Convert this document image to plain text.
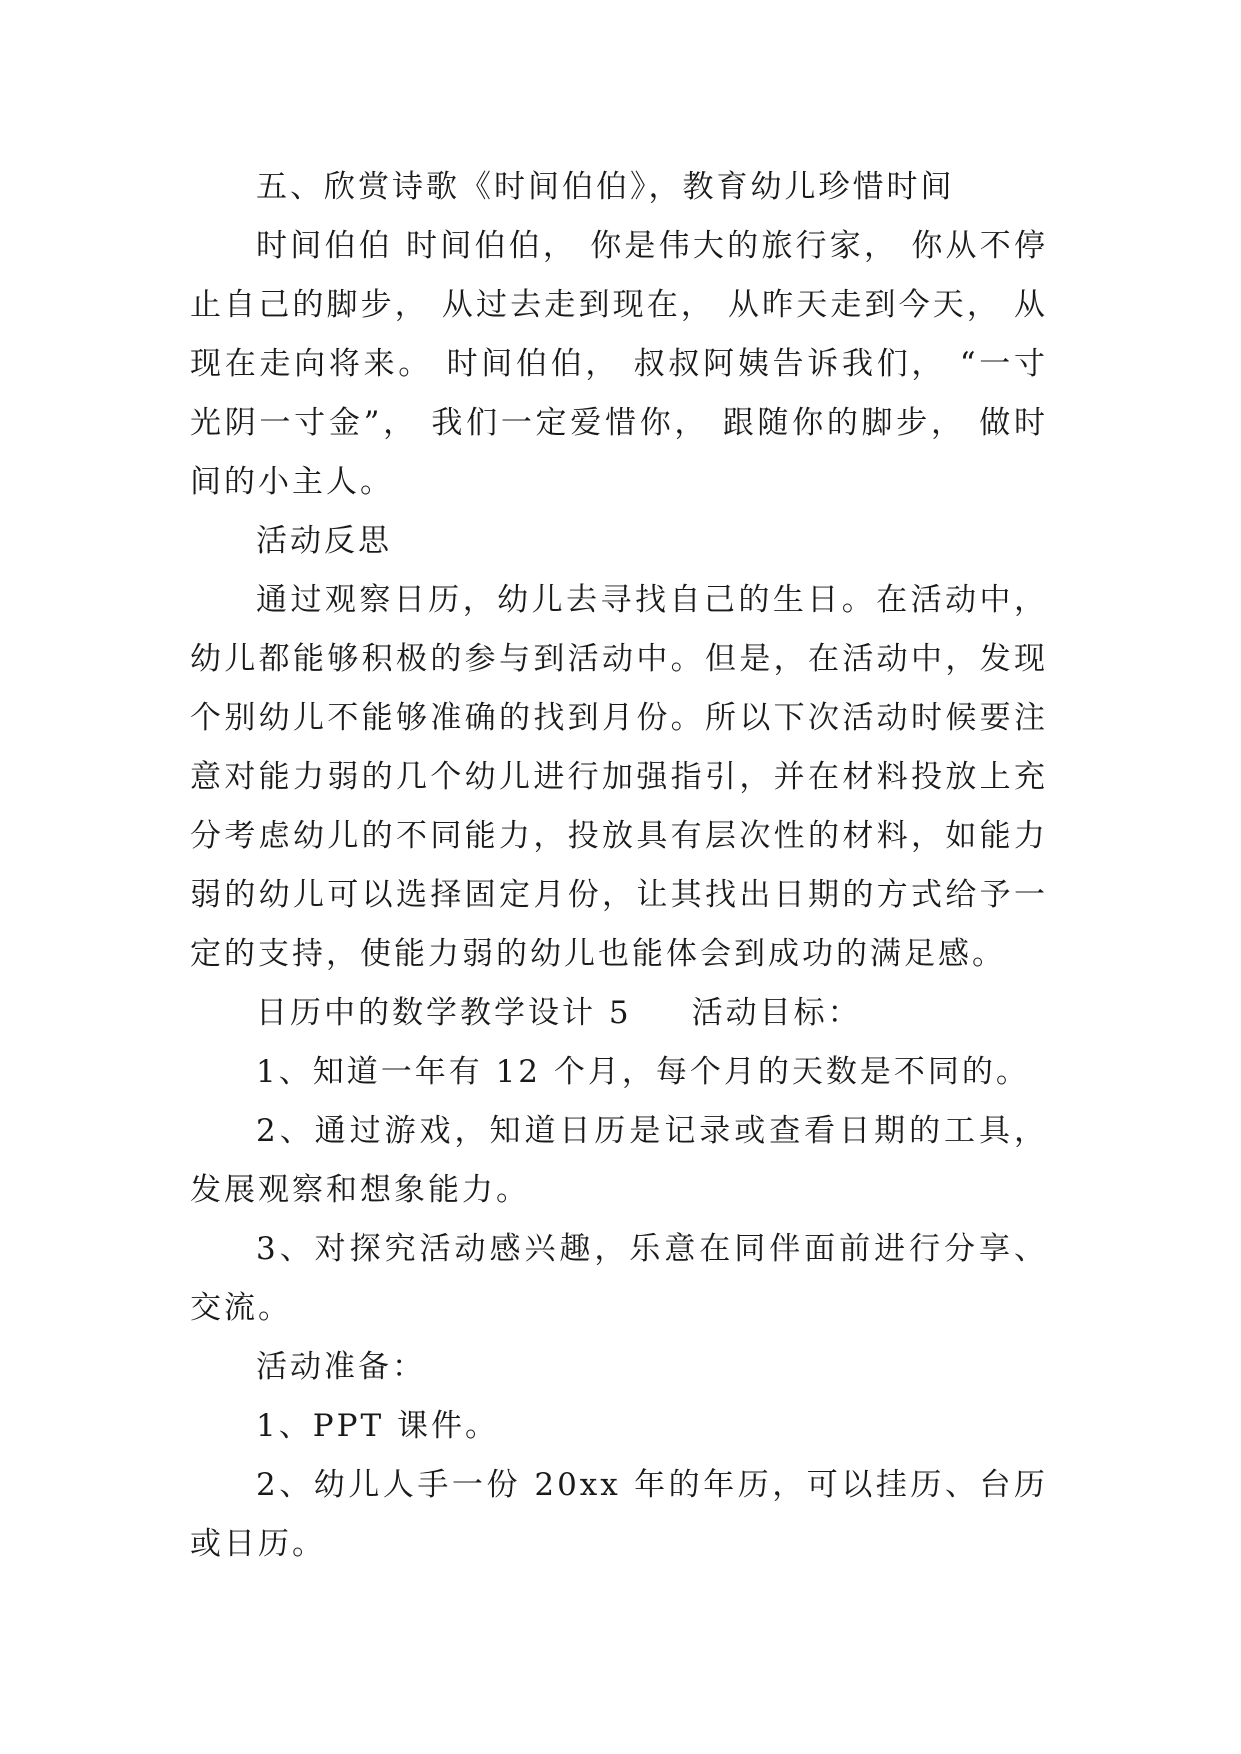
五、欣赏诗歌《时间伯伯》，教育幼儿珍惜时间

时间伯伯 时间伯伯， 你是伟大的旅行家， 你从不停止自己的脚步， 从过去走到现在， 从昨天走到今天， 从现在走向将来。 时间伯伯， 叔叔阿姨告诉我们， “一寸光阴一寸金”， 我们一定爱惜你， 跟随你的脚步， 做时间的小主人。

活动反思

通过观察日历，幼儿去寻找自己的生日。在活动中，幼儿都能够积极的参与到活动中。但是，在活动中，发现个别幼儿不能够准确的找到月份。所以下次活动时候要注意对能力弱的几个幼儿进行加强指引，并在材料投放上充分考虑幼儿的不同能力，投放具有层次性的材料，如能力弱的幼儿可以选择固定月份，让其找出日期的方式给予一定的支持，使能力弱的幼儿也能体会到成功的满足感。

日历中的数学教学设计 5 活动目标：

1、知道一年有 12 个月，每个月的天数是不同的。

2、通过游戏，知道日历是记录或查看日期的工具，发展观察和想象能力。

3、对探究活动感兴趣，乐意在同伴面前进行分享、交流。

活动准备：

1、PPT 课件。

2、幼儿人手一份 20xx 年的年历，可以挂历、台历或日历。
